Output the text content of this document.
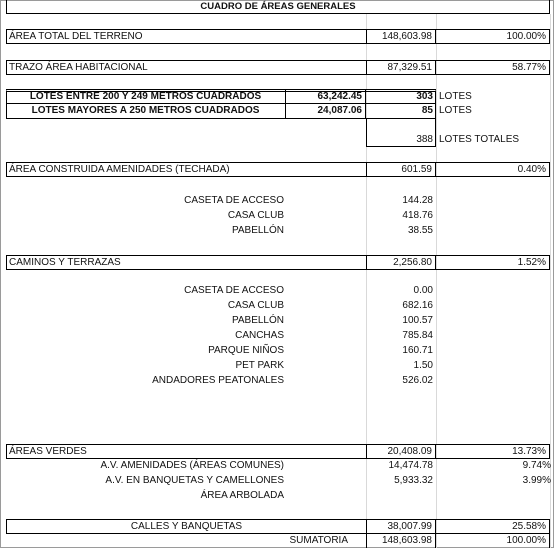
CUADRO DE ÁREAS GENERALES
ÁREA TOTAL DEL TERRENO	148,603.98	100.00%
TRAZO ÁREA HABITACIONAL	87,329.51	58.77%
LOTES ENTRE 200 Y 249 METROS CUADRADOS	63,242.45	303 LOTES
LOTES MAYORES A 250 METROS CUADRADOS	24,087.06	85 LOTES
388 LOTES TOTALES
ÁREA CONSTRUIDA AMENIDADES (TECHADA)	601.59	0.40%
CASETA DE ACCESO	144.28
CASA CLUB	418.76
PABELLÓN	38.55
CAMINOS Y TERRAZAS	2,256.80	1.52%
CASETA DE ACCESO	0.00
CASA CLUB	682.16
PABELLÓN	100.57
CANCHAS	785.84
PARQUE NIÑOS	160.71
PET PARK	1.50
ANDADORES PEATONALES	526.02
ÁREAS VERDES	20,408.09	13.73%
A.V. AMENIDADES (ÁREAS COMUNES)	14,474.78	9.74%
A.V. EN BANQUETAS Y CAMELLONES	5,933.32	3.99%
ÁREA ARBOLADA
CALLES Y BANQUETAS	38,007.99	25.58%
SUMATORIA	148,603.98	100.00%
